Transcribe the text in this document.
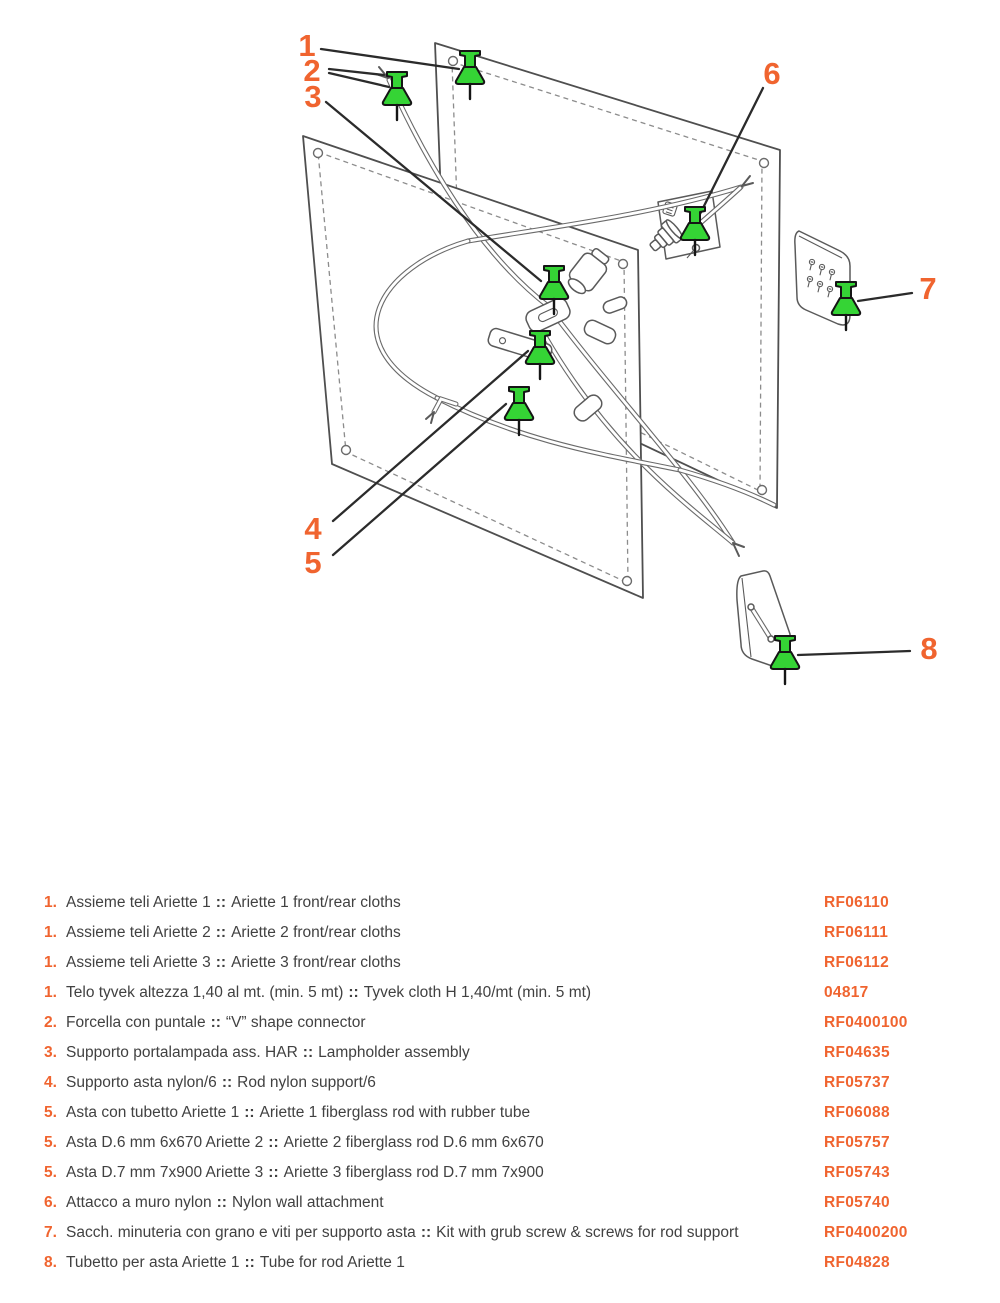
1
2
3
4
5
6
7
8
1. Assieme teli Ariette 1 :: Ariette 1 front/rear cloths	RF06110
1. Assieme teli Ariette 2 :: Ariette 2 front/rear cloths	RF06111
1. Assieme teli Ariette 3 :: Ariette 3 front/rear cloths	RF06112
1. Telo tyvek altezza 1,40 al mt. (min. 5 mt) :: Tyvek cloth H 1,40/mt (min. 5 mt)	04817
2. Forcella con puntale :: “V” shape connector	RF0400100
3. Supporto portalampada ass. HAR :: Lampholder assembly	RF04635
4. Supporto asta nylon/6 :: Rod nylon support/6	RF05737
5. Asta con tubetto Ariette 1 :: Ariette 1 fiberglass rod with rubber tube	RF06088
5. Asta D.6 mm 6x670 Ariette 2 :: Ariette 2 fiberglass rod D.6 mm 6x670	RF05757
5. Asta D.7 mm 7x900 Ariette 3 :: Ariette 3 fiberglass rod D.7 mm 7x900	RF05743
6. Attacco a muro nylon :: Nylon wall attachment	RF05740
7. Sacch. minuteria con grano e viti per supporto asta :: Kit with grub screw & screws for rod support	RF0400200
8. Tubetto per asta Ariette 1 :: Tube for rod Ariette 1	RF04828
